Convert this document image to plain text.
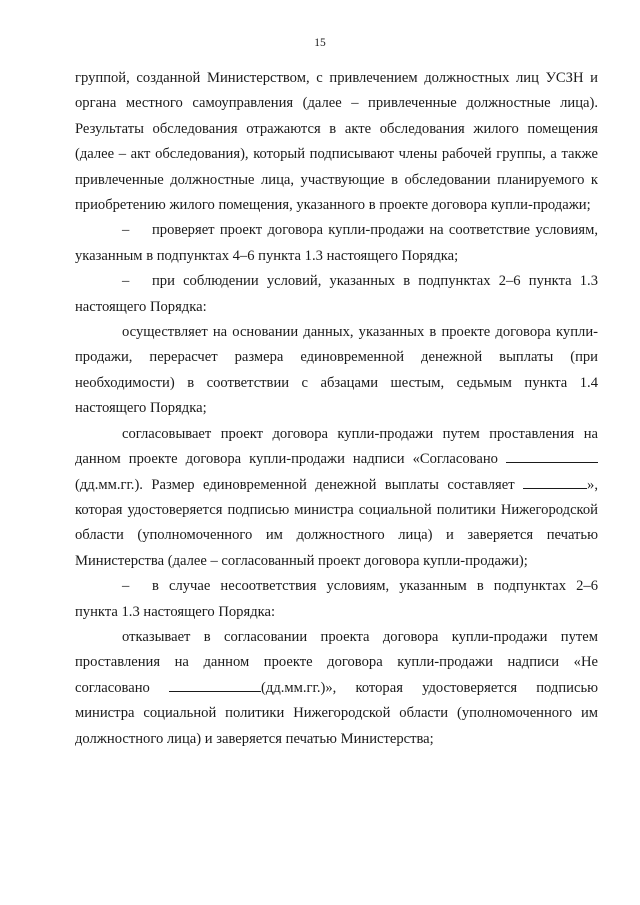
15

группой, созданной Министерством, с привлечением должностных лиц УСЗН и органа местного самоуправления (далее – привлеченные должностные лица). Результаты обследования отражаются в акте обследования жилого помещения (далее – акт обследования), который подписывают члены рабочей группы, а также привлеченные должностные лица, участвующие в обследовании планируемого к приобретению жилого помещения, указанного в проекте договора купли-продажи;

– проверяет проект договора купли-продажи на соответствие условиям, указанным в подпунктах 4–6 пункта 1.3 настоящего Порядка;

– при соблюдении условий, указанных в подпунктах 2–6 пункта 1.3 настоящего Порядка:

осуществляет на основании данных, указанных в проекте договора купли-продажи, перерасчет размера единовременной денежной выплаты (при необходимости) в соответствии с абзацами шестым, седьмым пункта 1.4 настоящего Порядка;

согласовывает проект договора купли-продажи путем проставления на данном проекте договора купли-продажи надписи «Согласовано (дд.мм.гг.). Размер единовременной денежной выплаты составляет	», которая удостоверяется подписью министра социальной политики Нижегородской области (уполномоченного им должностного лица) и заверяется печатью Министерства (далее – согласованный проект договора купли-продажи);

– в случае несоответствия условиям, указанным в подпунктах 2–6 пункта 1.3 настоящего Порядка:

отказывает в согласовании проекта договора купли-продажи путем проставления на данном проекте договора купли-продажи надписи «Не согласовано	(дд.мм.гг.)», которая удостоверяется подписью министра социальной политики Нижегородской области (уполномоченного им должностного лица) и заверяется печатью Министерства;
